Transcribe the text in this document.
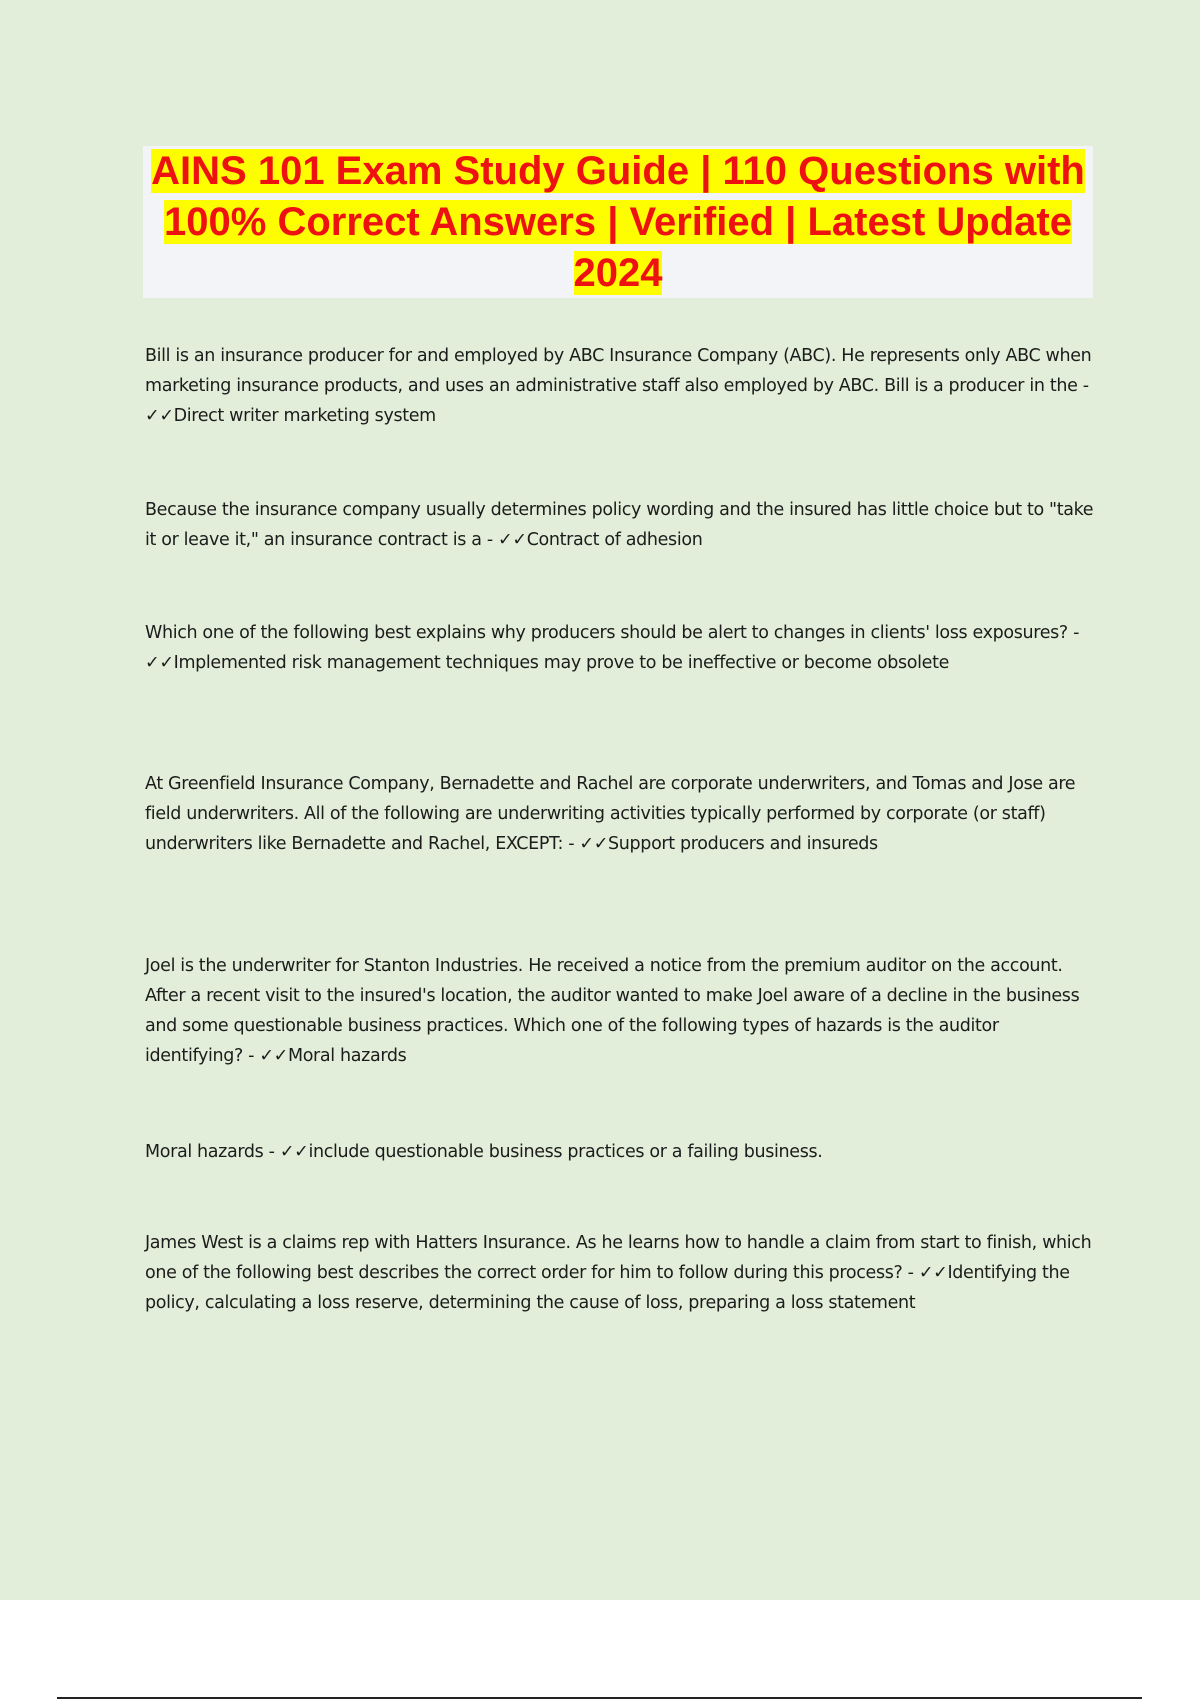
AINS 101 Exam Study Guide | 110 Questions with 100% Correct Answers | Verified | Latest Update 2024

Bill is an insurance producer for and employed by ABC Insurance Company (ABC). He represents only ABC when marketing insurance products, and uses an administrative staff also employed by ABC. Bill is a producer in the - ✓✓Direct writer marketing system

Because the insurance company usually determines policy wording and the insured has little choice but to "take it or leave it," an insurance contract is a - ✓✓Contract of adhesion

Which one of the following best explains why producers should be alert to changes in clients' loss exposures? - ✓✓Implemented risk management techniques may prove to be ineffective or become obsolete

At Greenfield Insurance Company, Bernadette and Rachel are corporate underwriters, and Tomas and Jose are field underwriters. All of the following are underwriting activities typically performed by corporate (or staff) underwriters like Bernadette and Rachel, EXCEPT: - ✓✓Support producers and insureds

Joel is the underwriter for Stanton Industries. He received a notice from the premium auditor on the account. After a recent visit to the insured's location, the auditor wanted to make Joel aware of a decline in the business and some questionable business practices. Which one of the following types of hazards is the auditor identifying? - ✓✓Moral hazards

Moral hazards - ✓✓include questionable business practices or a failing business.

James West is a claims rep with Hatters Insurance. As he learns how to handle a claim from start to finish, which one of the following best describes the correct order for him to follow during this process? - ✓✓Identifying the policy, calculating a loss reserve, determining the cause of loss, preparing a loss statement
